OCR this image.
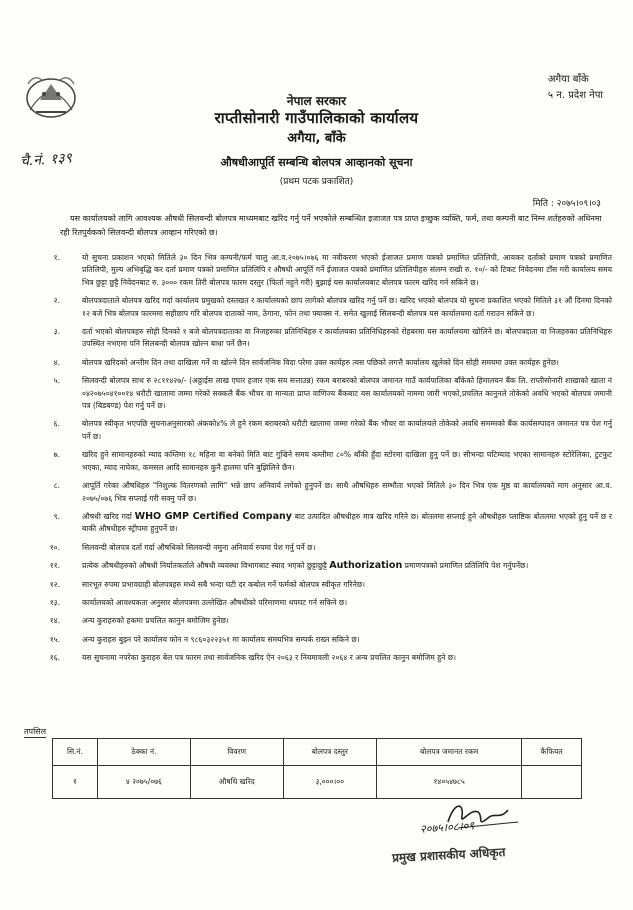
अगैया बाँके
५ न. प्रदेश नेपा
नेपाल सरकार
राप्तीसोनारी गाउँपालिकाको कार्यालय
अगैया, बाँके
चै.नं. १३९	औषधीआपूर्ति सम्बन्धि बोलपत्र आव्हानको सूचना
(प्रथम पटक प्रकाशित)
मिति : २०७५।०९।०३
यस कार्यालयको लागि आवश्यक औषधी सिलवन्दी बोलपत्र माध्यमबाट खरिद गर्नु पर्ने भएकोले सम्बन्धित इजाजत पत्र प्राप्त इच्छुक व्यक्ति, फर्म, तथा कम्पनी बाट निम्न शर्तहरुको अधिनमा रही रितपुर्वकको सिलवन्दी बोलपत्र आव्हान गरिएको छ।
१.	यो सुचना प्रकाशन भएको मितिले ३० दिन भित्र कम्पनी/फर्म चालु आ.व.२०७५।०७६ मा नवीकरण भएको ईजाजत प्रमाण पत्रको प्रमाणित प्रतिलिपी, आयकर दर्ताको प्रमाण पत्रको प्रमाणित प्रतिलिपी, मुल्य अभिबृद्धि कर दर्ता प्रमाण पत्रको प्रमाणित प्रतिलिपि र औषधी आपूर्ति गर्ने ईजाजत पत्रको प्रमाणित प्रतिलिपीहरु संलग्न राखी रु. १०/- को टिकट निवेदनमा टाँस गरी कार्यालय समय भित्र छुट्टा छुट्टै निवेदनबाट रु. ३००० रकम तिरी बोलपत्र फारम दस्तुर (फिर्ता नहुने गरी) बुझाई यस कार्यालयबाट बोलपत्र फारम खरिद गर्न सकिने छ।
२.	बोलपत्रदाताले बोलपत्र खरिद गर्दा कार्यालय प्रमुखको दस्तखत र कार्यालयको छाप लागेको बोलपत्र खरिद गर्नु पर्ने छ। खरिद भएको बोलपत्र यो सुचना प्रकाशित भएको मितिले ३१ औं दिनमा दिनको १२ बजे भित्र बोलपत्र फारममा सहीछाप गरि बोलपत्र दाताको नाम, ठेगाना, फोन तथा फ्याक्स नं. समेत खुलाई सिलबन्दी बोलपत्र यस कार्यालयमा दर्ता गराउन सकिने छ।
३.	दर्ता भएको बोलपत्रहरु सोही दिनको १ बजे बोलपत्रदाताका वा निजहरुका प्रतिनिधिहरु र कार्यालयका प्रतिनिधिहरुको रोहबरमा यस कार्यालयमा खोलिने छ। बोलपत्रदाता वा निजहरुका प्रतिनिधिहरु उपस्थित नभएमा पनि सिलबन्दी बोलपत्र खोल्न बाधा पर्ने छैन।
४.	बोलपत्र खरिदको अन्तीम दिन तथा दाखिला गर्ने वा खोल्ने दिन सार्वजनिक विदा परेमा उक्त कार्यहरु त्यस पछिको लगत्तै कार्यालय खुलेको दिन सोही समयमा उक्त कार्यहरु हुनेछ।
५.	सिलवन्दी बोलपत्र साथ रु २८११४२७/- (अठ्ठाईस लाख एघार हजार एक सय सत्ताउन्न) रकम बराबरको बोलपत्र जमानत गाउँ कार्यपालिका बाँकेको हिमालयन बैंक लि. राप्तीसोनारी शाखाको खाता नं ०४२०७५०४१००१४ धरौटी खातामा जम्मा गरेको सक्कलै बैंक भौचर वा मान्यता प्राप्त वाणिज्य बैंकबाट यस कार्यालयको नाममा जारी भएको,प्रचलित कानुनले तोकेको अवधि भएको बोलपत्र जमानी पत्र (बिडबण्ड) पेश गर्नु पर्ने छ।
६.	बोलपत्र स्वीकृत भएपछि सुचनाअनुसारको अंकको४% ले हुने रकम बराबरको धरौटी खातामा जम्मा गरेको बैंक भौचर वा कार्यालयले तोकेको अवधि समम्मको बैंक कार्यसम्पादन जमानत पत्र पेश गर्नु पर्ने छ।
७.	खरिद हुने सामानहरुको म्याद कम्तिमा १८ महिना वा बनेको मिति बाट गुज्रिने समय कम्तीमा ८०% बाँकी हुँदा स्टोरमा दाखिला हुनु पर्ने छ। सीभन्दा घटिम्याद भएका सामानहरु स्टोरेलिका, टुटफुट भएका, म्याद नाघेका, कमसल आदि सामानहरु कुनै हालमा पनि बुझिलिने छैन।
८.	आपूर्ति गरेका औषधिहरु "निशुल्क वितरणको लागि" भन्ने छाप अनिवार्य लगेको हुनुपर्ने छ। साथै औषधिहरु सम्भौता भएको मितिले ३० दिन भित्र एक मुष्ठ वा कार्यालयको माग अनुसार आ.व. २०७५/०७६ भित्र सप्लाई गरी सक्नु पर्ने छ।
९.	औषधी खरिद गर्दा WHO GMP Certified Company बाट उत्पादित औषधीहरु मात्र खरिद गरिने छ। बोतलमा सप्लाई हुने औषधीहरु प्लाष्टिक बोतलमा भएको हुनु पर्ने छ र बाकी औषधीहरु स्ट्रीपमा हुनुपर्ने छ।
१०.	सिलवन्दी बोलपत्र दर्ता गर्दा औषधिको सिलवन्दी नमुना अनिवार्य रुपमा पेश गर्नु पर्ने छ।
११.	प्रत्येक औषधीहरुको औषधी निर्यातकर्ताले औषधी व्यवस्था विभागबाट स्याद भएको छुट्टाछुट्टै Authorization प्रमाणपत्रको प्रमाणित प्रतिलिपि पेश गर्नुपर्नेछ।
१२.	सारभूत रुपमा प्रभावग्राही बोलपत्रहरु मध्ये सबै भन्दा घटी दर कबोल गर्ने फर्मको बोलपत्र स्वीकृत गरिनेछ।
१३.	कार्यालयको आवश्यकता अनुसार बोलपत्रमा उल्लेखित औषधीको परिमाणमा थपघट गर्न सकिने छ।
१४.	अन्य कुराहरुको हकमा प्रचलित कानुन बमोजिम हुनेछ।
१५.	अन्य कुराहरु बुझ्न परे कार्यालय फोन न ९८६०३२२३५१ मा कार्यालय समयभित्र सम्पर्क राख्न सकिने छ।
१६.	यस सुचनामा नपरेका कुराहरु बेल पत्र फारम तथा सार्वजनिक खरिद ऐन २०६३ र नियमावली २०६४ र अन्य प्रचलित कानुन बमोजिम हुने छ।
तपसिल
सि.नं.	ठेक्का नं.	विवरण	बोलपत्र दस्तुर	बोलपत्र जमानत रकम	कैफियत
१	४ २०७५/०७६	औषधि खरिद	३,०००।००	१४०५४७८५	
२०७५।०८।०९
प्रमुख प्रशासकीय अधिकृत
